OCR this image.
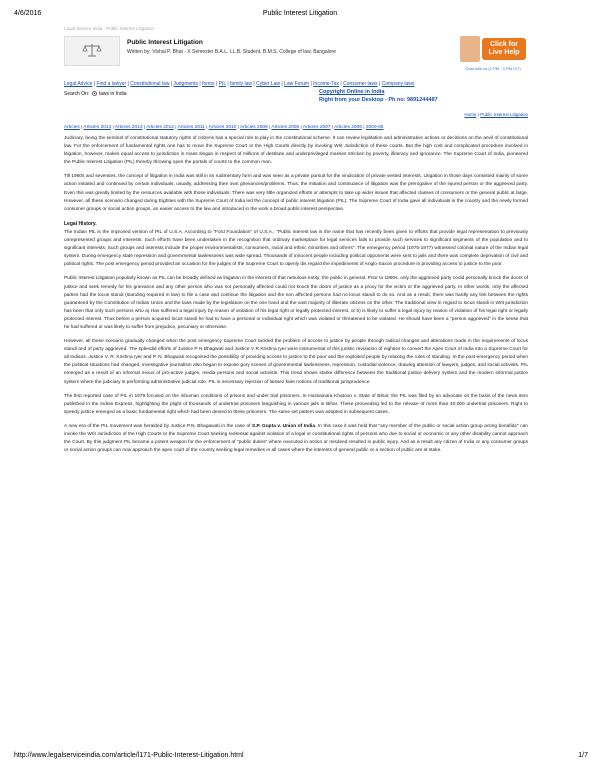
4/6/2016	Public Interest Litigation
Legal Service India - Public Interest Litigation
Public Interest Litigation
Written by: Vishal P. Bhat - X Semester B.A.L. LL.B, Student, B.M.S. College of law, Bangalore
Click for
Live Help
Chat with us (2 PM - 9 PM IST)
Legal Advice | Find a lawyer | Constitutional law | Judgments | forms | PIL | family law | Cyber Law | Law Forum | Income-Tax | Consumer laws | Company laws
Search On: laws in India	Copyright Online in India
Right from your Desktop - Ph no: 9891244487
Home \ Public Interest Litigation
Articles | Articles 2014 | Articles 2013 | Articles 2012 | Articles 2011 | Articles 2010 | Articles 2009 | Articles 2008 | Articles 2007 | Articles 2006 | 2000-05

Judiciary, being the sentinel of constitutional statutory rights of citizens has a special role to play in the constitutional scheme. It can review legislation and administrative actions or decisions on the anvil of constitutional law. For the enforcement of fundamental rights one has to move the Supreme Court or the High Courts directly by invoking Writ Jurisdiction of these courts. But the high cost and complicated procedure involved in litigation, however, makes equal access to jurisdiction in mass slogan in respect of millions of destitute and underprivileged masses stricken by poverty, illiteracy and ignorance. The Supreme Court of India, pioneered the Public Interest Litigation (PIL) thereby throwing open the portals of courts to the common man.

Till 1960s and seventies, the concept of litigation in India was still in its rudimentary form and was seen as a private pursuit for the vindication of private vested interests. Litigation in those days consisted mainly of some action initiated and continued by certain individuals, usually, addressing their own grievances/problems. Thus, the initiation and continuance of litigation was the prerogative of the injured person or the aggrieved party. Even this was greatly limited by the resources available with those individuals. There was very little organized efforts or attempts to take up wider issues that affected classes of consumers or the general public at large. However, all these scenario changed during Eighties with the Supreme Court of India led the concept of public interest litigation (PIL). The Supreme Court of India gave all individuals in the country and the newly formed consumer groups or social action groups, an easier access to the law and introduced in the work a broad public interest perspective.

Legal History.

The Indian PIL is the improved version of PIL of U.S.A. According to "Ford Foundation" of U.S.A., "Public interest law is the name that has recently been given to efforts that provide legal representation to previously unrepresented groups and interests. Such efforts have been undertaken in the recognition that ordinary marketplace for legal services fails to provide such services to significant segments of the population and to significant interests. Such groups and interests include the proper environmentalists, consumers, racial and ethnic minorities and others". The emergency period (1975-1977) witnessed colonial nature of the Indian legal system. During emergency state repression and governmental lawlessness was wide spread. Thousands of innocent people including political opponents were sent to jails and there was complete deprivation of civil and political rights. The post emergency period provided an occasion for the judges of the Supreme Court to openly dis regard the impediments of Anglo-Saxon procedure in providing access to justice to the poor.

Public Interest Litigation popularly known as PIL can be broadly defined as litigation in the interest of that nebulous entity: the public in general. Prior to 1980s, only the aggrieved party could personally knock the doors of justice and seek remedy for his grievance and any other person who was not personally affected could not knock the doors of justice as a proxy for the victim or the aggrieved party. In other words, only the affected parties had the locus standi (standing required in law) to file a case and continue the litigation and the non affected persons had no locus standi to do so. And as a result, there was hardly any link between the rights guaranteed by the Constitution of Indian Union and the laws made by the legislature on the one hand and the vast majority of illiterate citizens on the other. The traditional view in regard to locus standi in Writ jurisdiction has been that only such persons who a) Has suffered a legal injury by reason of violation of his legal right or legally protected interest, or b) is likely to suffer a legal injury by reason of violation of his legal right or legally protected interest. Thus before a person acquired locus standi he had to have a personal or individual right which was violated or threatened to be violated. He should have been a "person aggrieved" in the sense that he had suffered or was likely to suffer from prejudice, pecuniary or otherwise.

However, all these scenario gradually changed when the post emergency Supreme Court tackled the problem of access to justice by people through radical changes and alterations made in the requirements of locus standi and of party aggrieved. The splendid efforts of Justice P N Bhagwati and Justice V R Krishna Iyer were instrumental of this juristic revolution of eighties to convert the Apex Court of India into a Supreme Court for all Indians. Justice V. R. Krishna Iyer and P. N. Bhagwati recognised the possibility of providing access to justice to the poor and the exploited people by relaxing the rules of standing. In the post-emergency period when the political situations had changed, investigative journalism also began to expose gory scenes of governmental lawlessness, repression, custodial violence, drawing attention of lawyers, judges, and social activists. PIL emerged as a result of an informal nexus of pro-active judges, media persons and social activists. This trend shows starke difference between the traditional justice delivery system and the modern informal justice system where the judiciary is performing administrative judicial role. PIL is necessary rejection of laissez faire notions of traditional jurisprudence.

The first reported case of PIL in 1979 focused on the inhuman conditions of prisons and under trial prisoners. In Hussainara Khatoon v. State of Bihar, the PIL was filed by an advocate on the basis of the news item published in the Indian Express, highlighting the plight of thousands of undertrial prisoners languishing in various jails in Bihar. These proceeding led to the release of more than 40,000 undertrial prisoners. Right to speedy justice emerged as a basic fundamental right which had been denied to these prisoners. The same set pattern was adopted in subsequent cases.

A new era of the PIL movement was heralded by Justice P.N. Bhagawati in the case of S.P. Gupta v. Union of India. In this case it was held that "any member of the public or social action group acting bonafide" can invoke the Writ Jurisdiction of the High Courts or the Supreme Court seeking redressal against violation of a legal or constitutional rights of persons who due to social or economic or any other disability cannot approach the Court. By this judgment PIL became a potent weapon for the enforcement of "public duties" where executed in action or misdeed resulted in public injury. And as a result any citizen of India or any consumer groups or social action groups can now approach the apex court of the country seeking legal remedies in all cases where the interests of general public or a section of public are at stake.

http://www.legalserviceindia.com/article/l171-Public-Interest-Litigation.html	1/7
